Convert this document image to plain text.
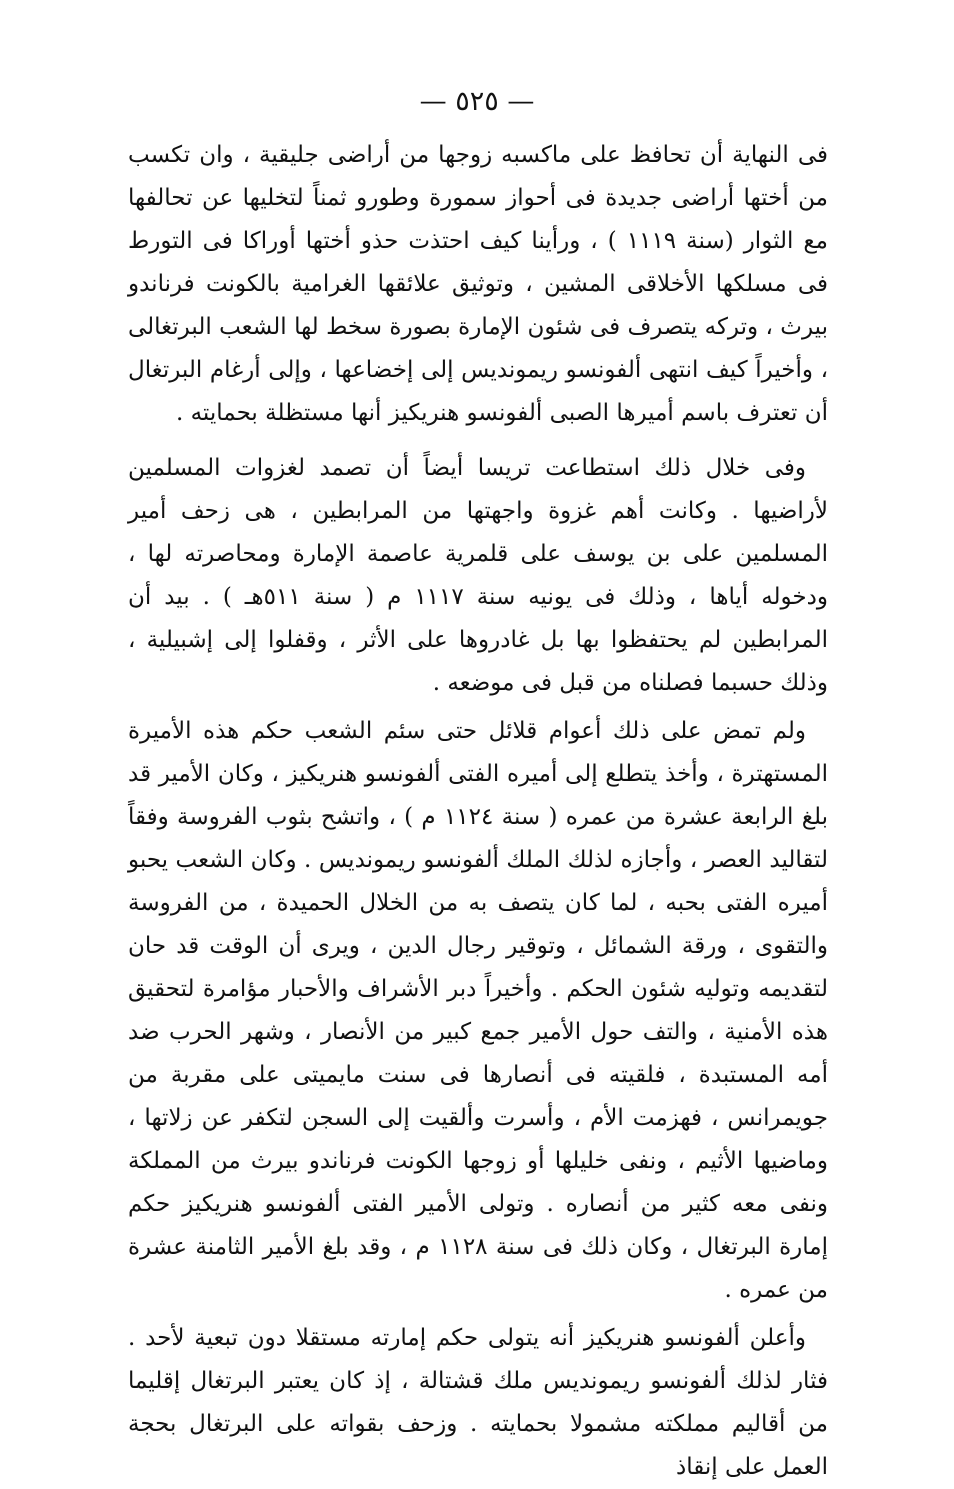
— ٥٢٥ —

فى النهاية أن تحافظ على ماكسبه زوجها من أراضى جليقية ، وان تكسب من أختها أراضى جديدة فى أحواز سمورة وطورو ثمناً لتخليها عن تحالفها مع الثوار (سنة ١١١٩ ) ، ورأينا كيف احتذت حذو أختها أوراكا فى التورط فى مسلكها الأخلاقى المشين ، وتوثيق علائقها الغرامية بالكونت فرناندو بيرث ، وتركه يتصرف فى شئون الإمارة بصورة سخط لها الشعب البرتغالى ، وأخيراً كيف انتهى ألفونسو ريموندیس إلى إخضاعها ، وإلى أرغام البرتغال أن تعترف باسم أميرها الصبى ألفونسو هنريكيز أنها مستظلة بحمايته .

وفى خلال ذلك استطاعت تريسا أيضاً أن تصمد لغزوات المسلمين لأراضيها . وكانت أهم غزوة واجهتها من المرابطين ، هى زحف أمير المسلمين على بن يوسف على قلمرية عاصمة الإمارة ومحاصرته لها ، ودخوله أياها ، وذلك فى يونيه سنة ١١١٧ م ( سنة ٥١١هـ ) . بيد أن المرابطين لم يحتفظوا بها بل غادروها على الأثر ، وقفلوا إلى إشبيلية ، وذلك حسبما فصلناه من قبل فى موضعه .

ولم تمض على ذلك أعوام قلائل حتى سئم الشعب حكم هذه الأميرة المستهترة ، وأخذ يتطلع إلى أميره الفتى ألفونسو هنريكيز ، وكان الأمير قد بلغ الرابعة عشرة من عمره ( سنة ١١٢٤ م ) ، واتشح بثوب الفروسة وفقاً لتقاليد العصر ، وأجازه لذلك الملك ألفونسو ريموندیس . وكان الشعب يحبو أميره الفتى بحبه ، لما كان يتصف به من الخلال الحميدة ، من الفروسة والتقوى ، ورقة الشمائل ، وتوقير رجال الدين ، ويرى أن الوقت قد حان لتقديمه وتوليه شئون الحكم . وأخيراً دبر الأشراف والأحبار مؤامرة لتحقيق هذه الأمنية ، والتف حول الأمير جمع كبير من الأنصار ، وشهر الحرب ضد أمه المستبدة ، فلقيته فى أنصارها فى سنت مايميتى على مقربة من جويمرانس ، فهزمت الأم ، وأسرت وألقيت إلى السجن لتكفر عن زلاتها ، وماضيها الأثيم ، ونفى خليلها أو زوجها الكونت فرناندو بيرث من المملكة ونفى معه كثير من أنصاره . وتولى الأمير الفتى ألفونسو هنريكيز حكم إمارة البرتغال ، وكان ذلك فى سنة ١١٢٨ م ، وقد بلغ الأمير الثامنة عشرة من عمره .

وأعلن ألفونسو هنريكيز أنه يتولى حكم إمارته مستقلا دون تبعية لأحد . فثار لذلك ألفونسو ريموندیس ملك قشتالة ، إذ كان يعتبر البرتغال إقليما من أقاليم مملكته مشمولا بحمايته . وزحف بقواته على البرتغال بحجة العمل على إنقاذ
